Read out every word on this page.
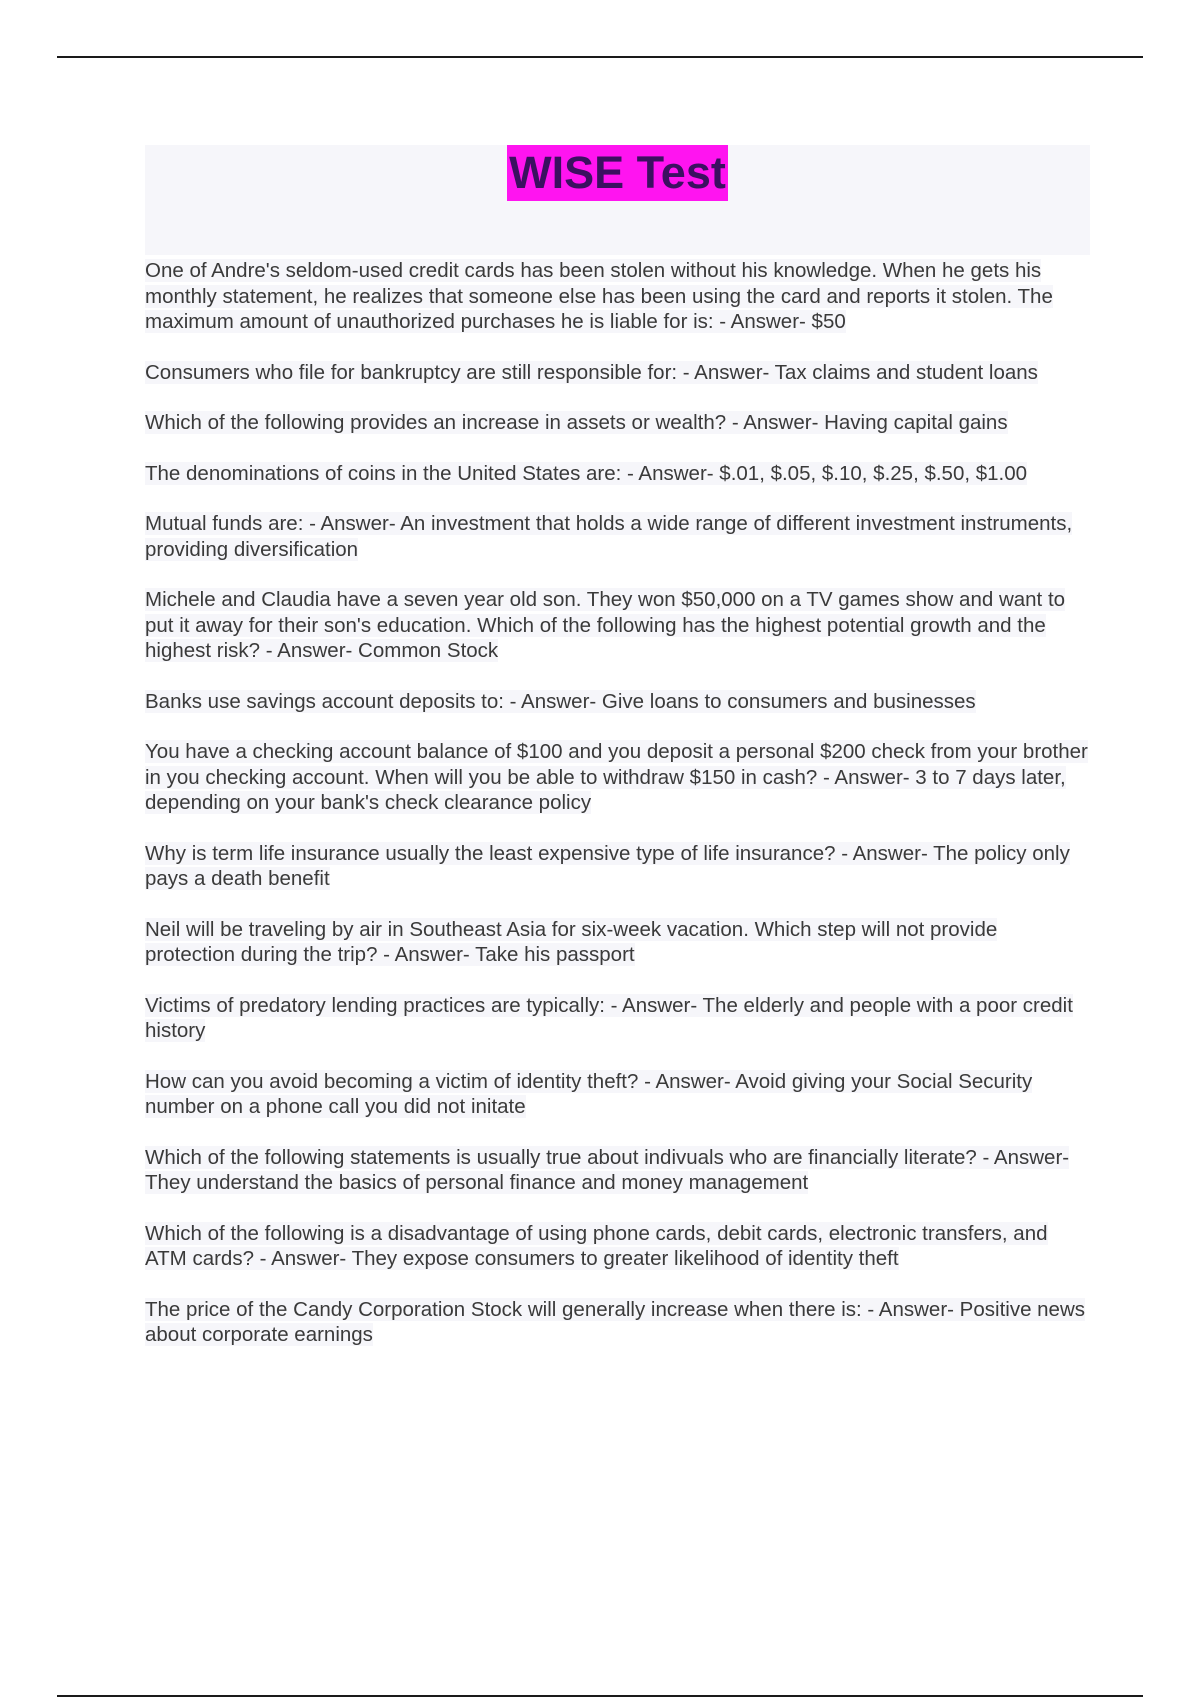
WISE Test
One of Andre's seldom-used credit cards has been stolen without his knowledge. When he gets his monthly statement, he realizes that someone else has been using the card and reports it stolen. The maximum amount of unauthorized purchases he is liable for is: - Answer- $50
Consumers who file for bankruptcy are still responsible for: - Answer- Tax claims and student loans
Which of the following provides an increase in assets or wealth? - Answer- Having capital gains
The denominations of coins in the United States are: - Answer- $.01, $.05, $.10, $.25, $.50, $1.00
Mutual funds are: - Answer- An investment that holds a wide range of different investment instruments, providing diversification
Michele and Claudia have a seven year old son. They won $50,000 on a TV games show and want to put it away for their son's education. Which of the following has the highest potential growth and the highest risk? - Answer- Common Stock
Banks use savings account deposits to: - Answer- Give loans to consumers and businesses
You have a checking account balance of $100 and you deposit a personal $200 check from your brother in you checking account. When will you be able to withdraw $150 in cash? - Answer- 3 to 7 days later, depending on your bank's check clearance policy
Why is term life insurance usually the least expensive type of life insurance? - Answer- The policy only pays a death benefit
Neil will be traveling by air in Southeast Asia for six-week vacation. Which step will not provide protection during the trip? - Answer- Take his passport
Victims of predatory lending practices are typically: - Answer- The elderly and people with a poor credit history
How can you avoid becoming a victim of identity theft? - Answer- Avoid giving your Social Security number on a phone call you did not initate
Which of the following statements is usually true about indivuals who are financially literate? - Answer- They understand the basics of personal finance and money management
Which of the following is a disadvantage of using phone cards, debit cards, electronic transfers, and ATM cards? - Answer- They expose consumers to greater likelihood of identity theft
The price of the Candy Corporation Stock will generally increase when there is: - Answer- Positive news about corporate earnings
